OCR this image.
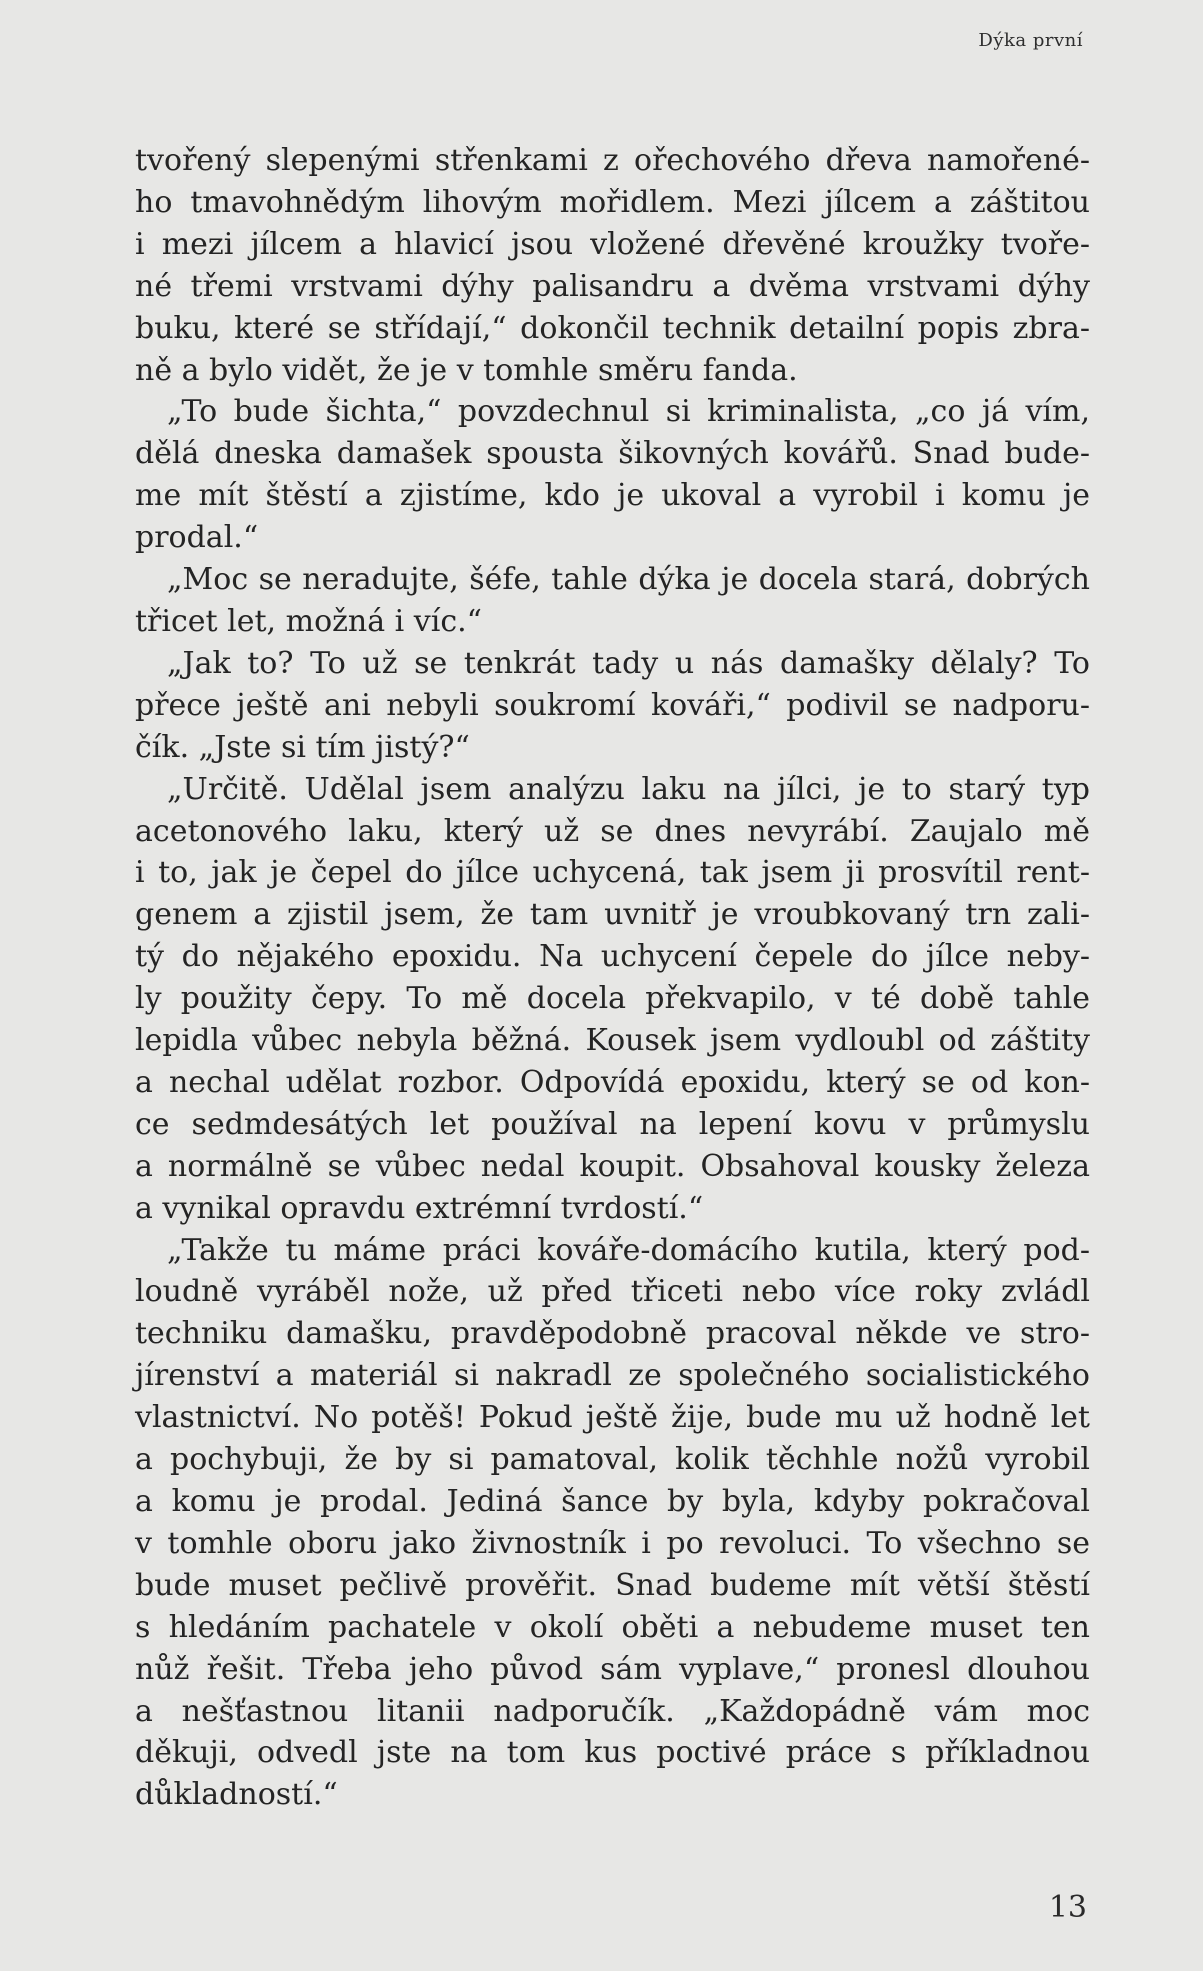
Dýka první
tvořený slepenými střenkami z ořechového dřeva namořené-
ho tmavohnědým lihovým mořidlem. Mezi jílcem a záštitou
i mezi jílcem a hlavicí jsou vložené dřevěné kroužky tvoře-
né třemi vrstvami dýhy palisandru a dvěma vrstvami dýhy
buku, které se střídají,“ dokončil technik detailní popis zbra-
ně a bylo vidět, že je v tomhle směru fanda.
„To bude šichta,“ povzdechnul si kriminalista, „co já vím,
dělá dneska damašek spousta šikovných kovářů. Snad bude-
me mít štěstí a zjistíme, kdo je ukoval a vyrobil i komu je
prodal.“
„Moc se neradujte, šéfe, tahle dýka je docela stará, dobrých
třicet let, možná i víc.“
„Jak to? To už se tenkrát tady u nás damašky dělaly? To
přece ještě ani nebyli soukromí kováři,“ podivil se nadporu-
čík. „Jste si tím jistý?“
„Určitě. Udělal jsem analýzu laku na jílci, je to starý typ
acetonového laku, který už se dnes nevyrábí. Zaujalo mě
i to, jak je čepel do jílce uchycená, tak jsem ji prosvítil rent-
genem a zjistil jsem, že tam uvnitř je vroubkovaný trn zali-
tý do nějakého epoxidu. Na uchycení čepele do jílce neby-
ly použity čepy. To mě docela překvapilo, v té době tahle
lepidla vůbec nebyla běžná. Kousek jsem vydloubl od záštity
a nechal udělat rozbor. Odpovídá epoxidu, který se od kon-
ce sedmdesátých let používal na lepení kovu v průmyslu
a normálně se vůbec nedal koupit. Obsahoval kousky železa
a vynikal opravdu extrémní tvrdostí.“
„Takže tu máme práci kováře-domácího kutila, který pod-
loudně vyráběl nože, už před třiceti nebo více roky zvládl
techniku damašku, pravděpodobně pracoval někde ve stro-
jírenství a materiál si nakradl ze společného socialistického
vlastnictví. No potěš! Pokud ještě žije, bude mu už hodně let
a pochybuji, že by si pamatoval, kolik těchhle nožů vyrobil
a komu je prodal. Jediná šance by byla, kdyby pokračoval
v tomhle oboru jako živnostník i po revoluci. To všechno se
bude muset pečlivě prověřit. Snad budeme mít větší štěstí
s hledáním pachatele v okolí oběti a nebudeme muset ten
nůž řešit. Třeba jeho původ sám vyplave,“ pronesl dlouhou
a nešťastnou litanii nadporučík. „Každopádně vám moc
děkuji, odvedl jste na tom kus poctivé práce s příkladnou
důkladností.“
13
